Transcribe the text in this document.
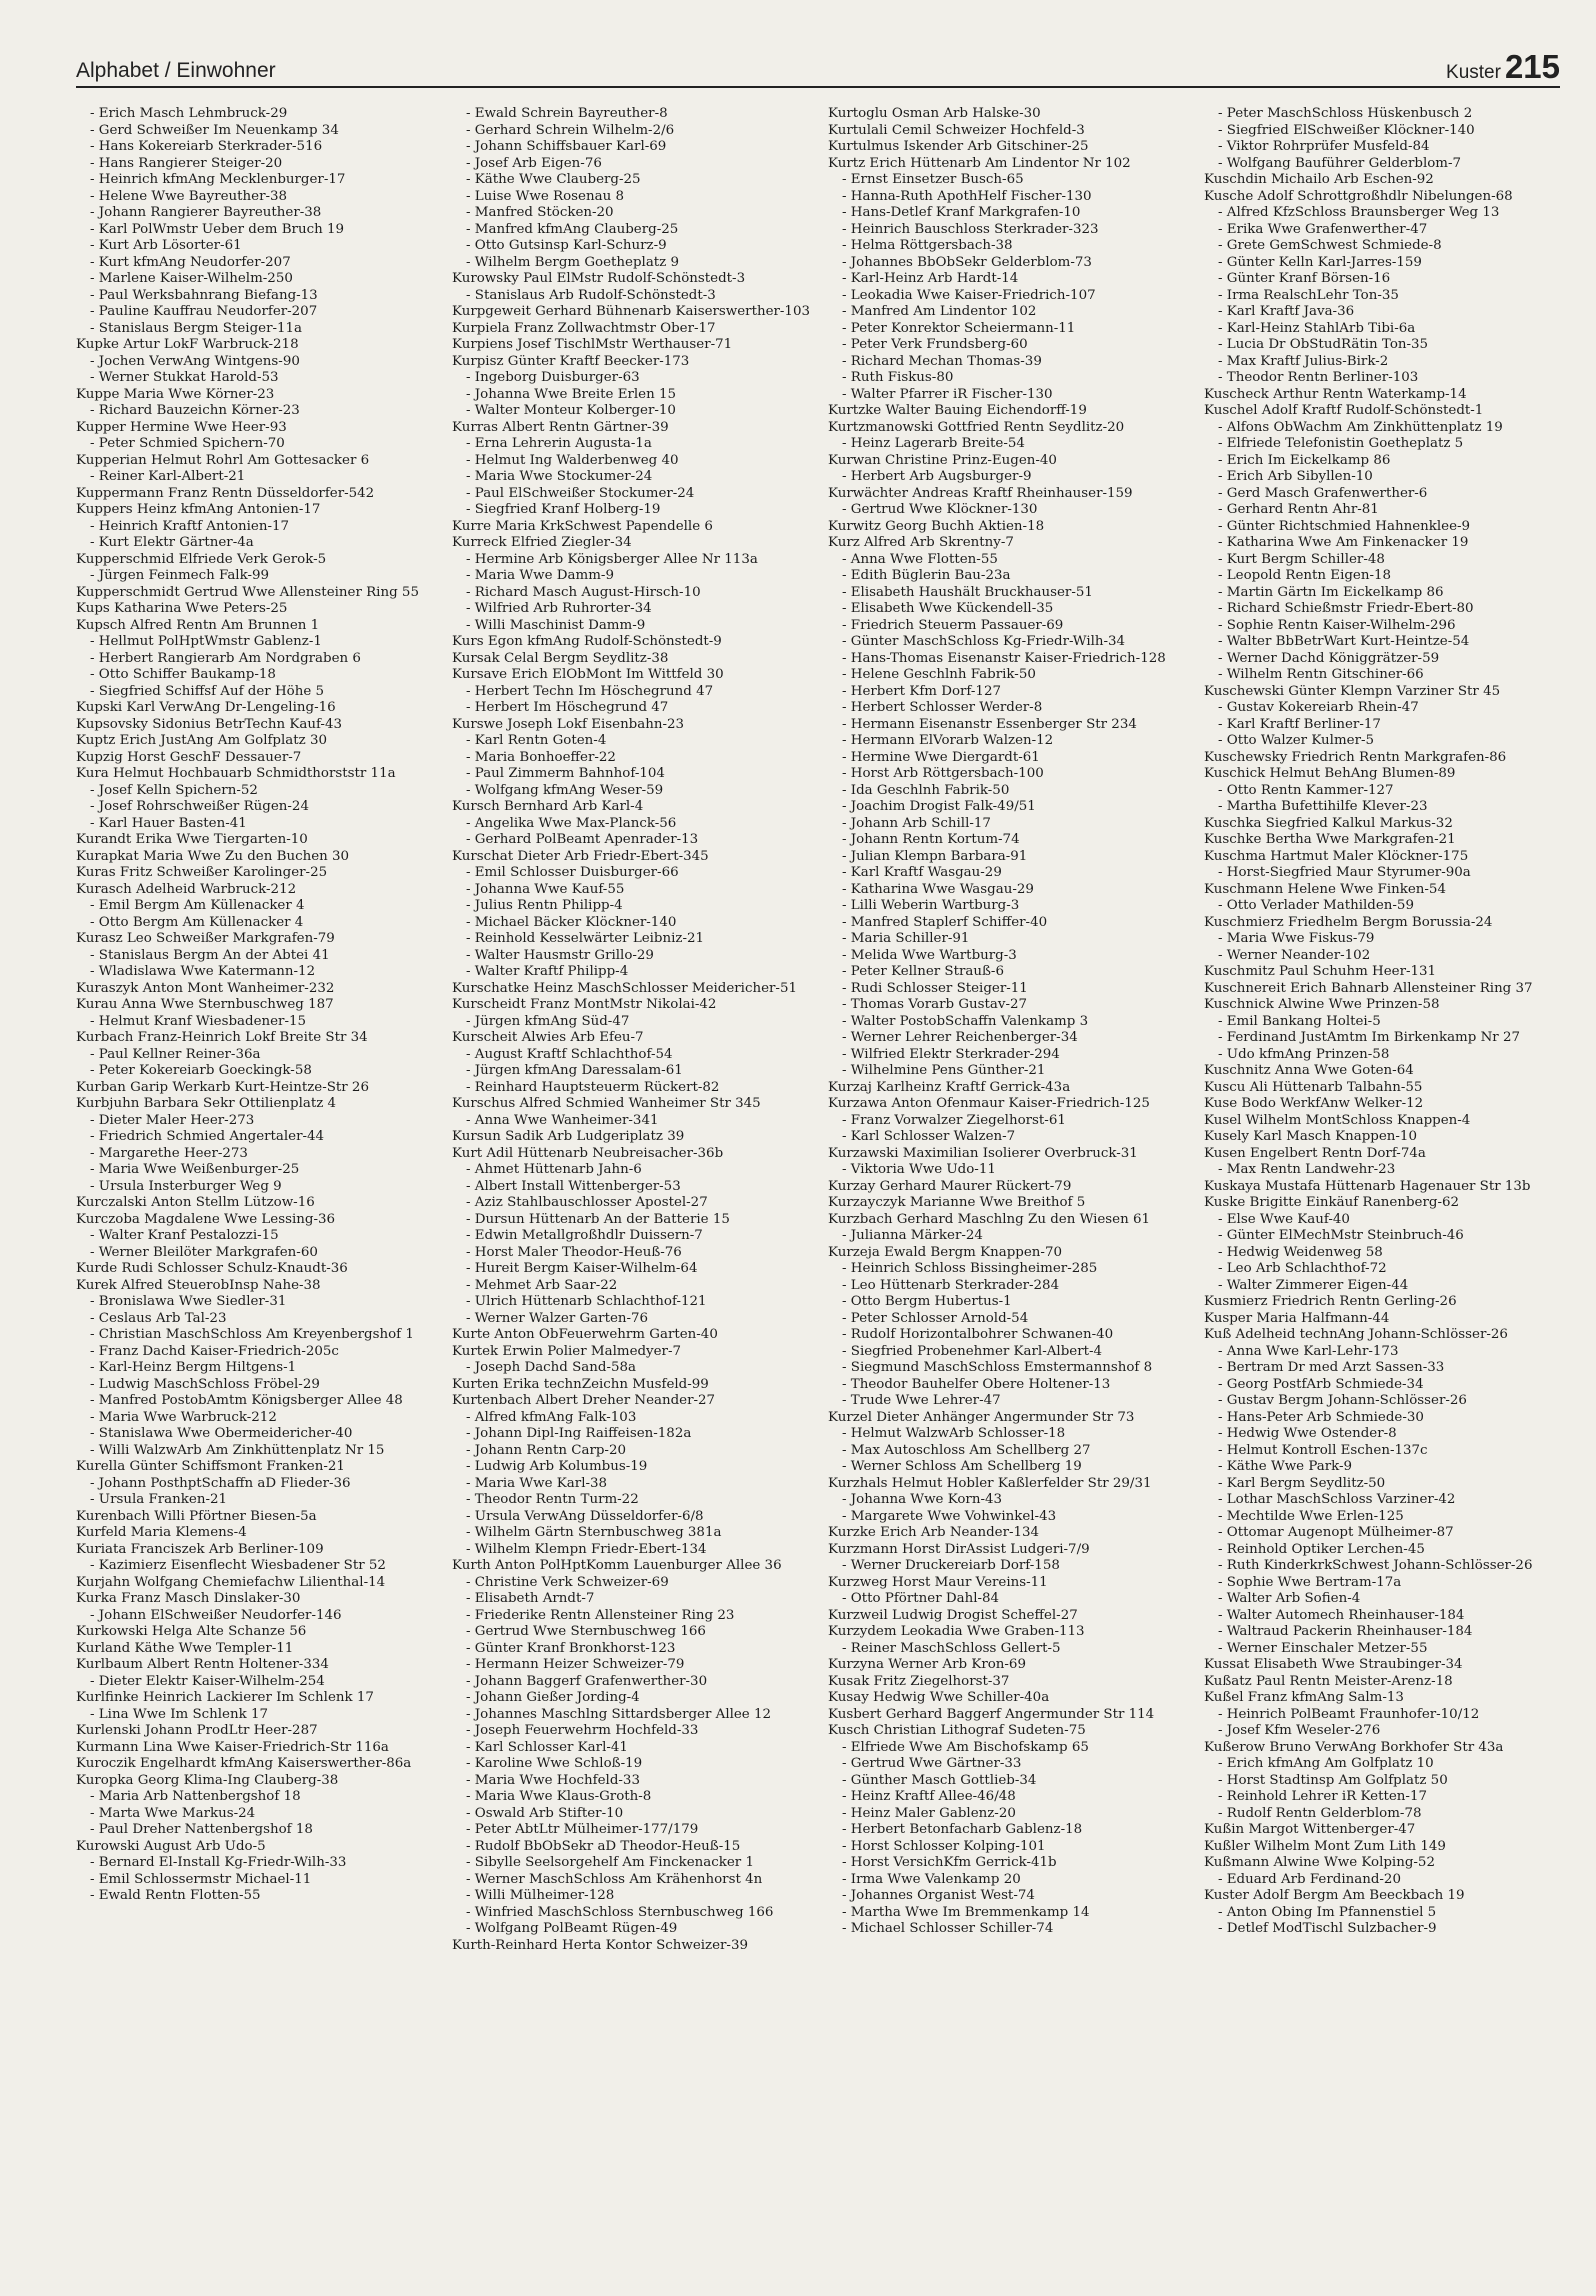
Alphabet / Einwohner	Kuster 215
- Erich Masch Lehmbruck-29
- Gerd Schweißer Im Neuenkamp 34
- Hans Kokereiarb Sterkrader-516
- Hans Rangierer Steiger-20
- Heinrich kfmAng Mecklenburger-17
- Helene Wwe Bayreuther-38
- Johann Rangierer Bayreuther-38
- Karl PolWmstr Ueber dem Bruch 19
- Kurt Arb Lösorter-61
- Kurt kfmAng Neudorfer-207
- Marlene Kaiser-Wilhelm-250
- Paul Werksbahnrang Biefang-13
- Pauline Kauffrau Neudorfer-207
- Stanislaus Bergm Steiger-11a
Kupke Artur LokF Warbruck-218
- Jochen VerwAng Wintgens-90
- Werner Stukkat Harold-53
Kuppe Maria Wwe Körner-23
- Richard Bauzeichn Körner-23
Kupper Hermine Wwe Heer-93
- Peter Schmied Spichern-70
Kupperian Helmut Rohrl Am Gottesacker 6
- Reiner Karl-Albert-21
Kuppermann Franz Rentn Düsseldorfer-542
Kuppers Heinz kfmAng Antonien-17
- Heinrich Kraftf Antonien-17
- Kurt Elektr Gärtner-4a
Kupperschmid Elfriede Verk Gerok-5
- Jürgen Feinmech Falk-99
Kupperschmidt Gertrud Wwe Allensteiner Ring 55
Kups Katharina Wwe Peters-25
Kupsch Alfred Rentn Am Brunnen 1
- Hellmut PolHptWmstr Gablenz-1
- Herbert Rangierarb Am Nordgraben 6
- Otto Schiffer Baukamp-18
- Siegfried Schiffsf Auf der Höhe 5
Kupski Karl VerwAng Dr-Lengeling-16
Kupsovsky Sidonius BetrTechn Kauf-43
Kuptz Erich JustAng Am Golfplatz 30
Kupzig Horst GeschF Dessauer-7
Kura Helmut Hochbauarb Schmidthorststr 11a
- Josef Kelln Spichern-52
- Josef Rohrschweißer Rügen-24
- Karl Hauer Basten-41
Kurandt Erika Wwe Tiergarten-10
Kurapkat Maria Wwe Zu den Buchen 30
Kuras Fritz Schweißer Karolinger-25
Kurasch Adelheid Warbruck-212
- Emil Bergm Am Küllenacker 4
- Otto Bergm Am Küllenacker 4
Kurasz Leo Schweißer Markgrafen-79
- Stanislaus Bergm An der Abtei 41
- Wladislawa Wwe Katermann-12
Kuraszyk Anton Mont Wanheimer-232
Kurau Anna Wwe Sternbuschweg 187
- Helmut Kranf Wiesbadener-15
Kurbach Franz-Heinrich Lokf Breite Str 34
- Paul Kellner Reiner-36a
- Peter Kokereiarb Goeckingk-58
Kurban Garip Werkarb Kurt-Heintze-Str 26
Kurbjuhn Barbara Sekr Ottilienplatz 4
- Dieter Maler Heer-273
- Friedrich Schmied Angertaler-44
- Margarethe Heer-273
- Maria Wwe Weißenburger-25
- Ursula Insterburger Weg 9
Kurczalski Anton Stellm Lützow-16
Kurczoba Magdalene Wwe Lessing-36
- Walter Kranf Pestalozzi-15
- Werner Bleilöter Markgrafen-60
Kurde Rudi Schlosser Schulz-Knaudt-36
Kurek Alfred SteuerobInsp Nahe-38
- Bronislawa Wwe Siedler-31
- Ceslaus Arb Tal-23
- Christian MaschSchloss Am Kreyenbergshof 1
- Franz Dachd Kaiser-Friedrich-205c
- Karl-Heinz Bergm Hiltgens-1
- Ludwig MaschSchloss Fröbel-29
- Manfred PostobAmtm Königsberger Allee 48
- Maria Wwe Warbruck-212
- Stanislawa Wwe Obermeidericher-40
- Willi WalzwArb Am Zinkhüttenplatz Nr 15
Kurella Günter Schiffsmont Franken-21
- Johann PosthptSchaffn aD Flieder-36
- Ursula Franken-21
Kurenbach Willi Pförtner Biesen-5a
Kurfeld Maria Klemens-4
Kuriata Franciszek Arb Berliner-109
- Kazimierz Eisenflecht Wiesbadener Str 52
Kurjahn Wolfgang Chemiefachw Lilienthal-14
Kurka Franz Masch Dinslaker-30
- Johann ElSchweißer Neudorfer-146
Kurkowski Helga Alte Schanze 56
Kurland Käthe Wwe Templer-11
Kurlbaum Albert Rentn Holtener-334
- Dieter Elektr Kaiser-Wilhelm-254
Kurlfinke Heinrich Lackierer Im Schlenk 17
- Lina Wwe Im Schlenk 17
Kurlenski Johann ProdLtr Heer-287
Kurmann Lina Wwe Kaiser-Friedrich-Str 116a
Kuroczik Engelhardt kfmAng Kaiserswerther-86a
Kuropka Georg Klima-Ing Clauberg-38
- Maria Arb Nattenbergshof 18
- Marta Wwe Markus-24
- Paul Dreher Nattenbergshof 18
Kurowski August Arb Udo-5
- Bernard El-Install Kg-Friedr-Wilh-33
- Emil Schlossermstr Michael-11
- Ewald Rentn Flotten-55
- Ewald Schrein Bayreuther-8
- Gerhard Schrein Wilhelm-2/6
- Johann Schiffsbauer Karl-69
- Josef Arb Eigen-76
- Käthe Wwe Clauberg-25
- Luise Wwe Rosenau 8
- Manfred Stöcken-20
- Manfred kfmAng Clauberg-25
- Otto Gutsinsp Karl-Schurz-9
- Wilhelm Bergm Goetheplatz 9
Kurowsky Paul ElMstr Rudolf-Schönstedt-3
- Stanislaus Arb Rudolf-Schönstedt-3
Kurpgeweit Gerhard Bühnenarb Kaiserswerther-103
Kurpiela Franz Zollwachtmstr Ober-17
Kurpiens Josef TischlMstr Werthauser-71
Kurpisz Günter Kraftf Beecker-173
- Ingeborg Duisburger-63
- Johanna Wwe Breite Erlen 15
- Walter Monteur Kolberger-10
Kurras Albert Rentn Gärtner-39
- Erna Lehrerin Augusta-1a
- Helmut Ing Walderbenweg 40
- Maria Wwe Stockumer-24
- Paul ElSchweißer Stockumer-24
- Siegfried Kranf Holberg-19
Kurre Maria KrkSchwest Papendelle 6
Kurreck Elfried Ziegler-34
- Hermine Arb Königsberger Allee Nr 113a
- Maria Wwe Damm-9
- Richard Masch August-Hirsch-10
- Wilfried Arb Ruhrorter-34
- Willi Maschinist Damm-9
Kurs Egon kfmAng Rudolf-Schönstedt-9
Kursak Celal Bergm Seydlitz-38
Kursave Erich ElObMont Im Wittfeld 30
- Herbert Techn Im Höschegrund 47
- Herbert Im Höschegrund 47
Kurswe Joseph Lokf Eisenbahn-23
- Karl Rentn Goten-4
- Maria Bonhoeffer-22
- Paul Zimmerm Bahnhof-104
- Wolfgang kfmAng Weser-59
Kursch Bernhard Arb Karl-4
- Angelika Wwe Max-Planck-56
- Gerhard PolBeamt Apenrader-13
Kurschat Dieter Arb Friedr-Ebert-345
- Emil Schlosser Duisburger-66
- Johanna Wwe Kauf-55
- Julius Rentn Philipp-4
- Michael Bäcker Klöckner-140
- Reinhold Kesselwärter Leibniz-21
- Walter Hausmstr Grillo-29
- Walter Kraftf Philipp-4
Kurschatke Heinz MaschSchlosser Meidericher-51
Kurscheidt Franz MontMstr Nikolai-42
- Jürgen kfmAng Süd-47
Kurscheit Alwies Arb Efeu-7
- August Kraftf Schlachthof-54
- Jürgen kfmAng Daressalam-61
- Reinhard Hauptsteuerm Rückert-82
Kurschus Alfred Schmied Wanheimer Str 345
- Anna Wwe Wanheimer-341
Kursun Sadik Arb Ludgeriplatz 39
Kurt Adil Hüttenarb Neubreisacher-36b
- Ahmet Hüttenarb Jahn-6
- Albert Install Wittenberger-53
- Aziz Stahlbauschlosser Apostel-27
- Dursun Hüttenarb An der Batterie 15
- Edwin Metallgroßhdlr Duissern-7
- Horst Maler Theodor-Heuß-76
- Hureit Bergm Kaiser-Wilhelm-64
- Mehmet Arb Saar-22
- Ulrich Hüttenarb Schlachthof-121
- Werner Walzer Garten-76
Kurte Anton ObFeuerwehrm Garten-40
Kurtek Erwin Polier Malmedyer-7
- Joseph Dachd Sand-58a
Kurten Erika technZeichn Musfeld-99
Kurtenbach Albert Dreher Neander-27
- Alfred kfmAng Falk-103
- Johann Dipl-Ing Raiffeisen-182a
- Johann Rentn Carp-20
- Ludwig Arb Kolumbus-19
- Maria Wwe Karl-38
- Theodor Rentn Turm-22
- Ursula VerwAng Düsseldorfer-6/8
- Wilhelm Gärtn Sternbuschweg 381a
- Wilhelm Klempn Friedr-Ebert-134
Kurth Anton PolHptKomm Lauenburger Allee 36
- Christine Verk Schweizer-69
- Elisabeth Arndt-7
- Friederike Rentn Allensteiner Ring 23
- Gertrud Wwe Sternbuschweg 166
- Günter Kranf Bronkhorst-123
- Hermann Heizer Schweizer-79
- Johann Baggerf Grafenwerther-30
- Johann Gießer Jording-4
- Johannes Maschlng Sittardsberger Allee 12
- Joseph Feuerwehrm Hochfeld-33
- Karl Schlosser Karl-41
- Karoline Wwe Schloß-19
- Maria Wwe Hochfeld-33
- Maria Wwe Klaus-Groth-8
- Oswald Arb Stifter-10
- Peter AbtLtr Mülheimer-177/179
- Rudolf BbObSekr aD Theodor-Heuß-15
- Sibylle Seelsorgehelf Am Finckenacker 1
- Werner MaschSchloss Am Krähenhorst 4n
- Willi Mülheimer-128
- Winfried MaschSchloss Sternbuschweg 166
- Wolfgang PolBeamt Rügen-49
Kurth-Reinhard Herta Kontor Schweizer-39
Kurtoglu Osman Arb Halske-30
Kurtulali Cemil Schweizer Hochfeld-3
Kurtulmus Iskender Arb Gitschiner-25
Kurtz Erich Hüttenarb Am Lindentor Nr 102
- Ernst Einsetzer Busch-65
- Hanna-Ruth ApothHelf Fischer-130
- Hans-Detlef Kranf Markgrafen-10
- Heinrich Bauschloss Sterkrader-323
- Helma Röttgersbach-38
- Johannes BbObSekr Gelderblom-73
- Karl-Heinz Arb Hardt-14
- Leokadia Wwe Kaiser-Friedrich-107
- Manfred Am Lindentor 102
- Peter Konrektor Scheiermann-11
- Peter Verk Frundsberg-60
- Richard Mechan Thomas-39
- Ruth Fiskus-80
- Walter Pfarrer iR Fischer-130
Kurtzke Walter Bauing Eichendorff-19
Kurtzmanowski Gottfried Rentn Seydlitz-20
- Heinz Lagerarb Breite-54
Kurwan Christine Prinz-Eugen-40
- Herbert Arb Augsburger-9
Kurwächter Andreas Kraftf Rheinhauser-159
- Gertrud Wwe Klöckner-130
Kurwitz Georg Buchh Aktien-18
Kurz Alfred Arb Skrentny-7
- Anna Wwe Flotten-55
- Edith Büglerin Bau-23a
- Elisabeth Haushält Bruckhauser-51
- Elisabeth Wwe Kückendell-35
- Friedrich Steuerm Passauer-69
- Günter MaschSchloss Kg-Friedr-Wilh-34
- Hans-Thomas Eisenanstr Kaiser-Friedrich-128
- Helene Geschlnh Fabrik-50
- Herbert Kfm Dorf-127
- Herbert Schlosser Werder-8
- Hermann Eisenanstr Essenberger Str 234
- Hermann ElVorarb Walzen-12
- Hermine Wwe Diergardt-61
- Horst Arb Röttgersbach-100
- Ida Geschlnh Fabrik-50
- Joachim Drogist Falk-49/51
- Johann Arb Schill-17
- Johann Rentn Kortum-74
- Julian Klempn Barbara-91
- Karl Kraftf Wasgau-29
- Katharina Wwe Wasgau-29
- Lilli Weberin Wartburg-3
- Manfred Staplerf Schiffer-40
- Maria Schiller-91
- Melida Wwe Wartburg-3
- Peter Kellner Strauß-6
- Rudi Schlosser Steiger-11
- Thomas Vorarb Gustav-27
- Walter PostobSchaffn Valenkamp 3
- Werner Lehrer Reichenberger-34
- Wilfried Elektr Sterkrader-294
- Wilhelmine Pens Günther-21
Kurzaj Karlheinz Kraftf Gerrick-43a
Kurzawa Anton Ofenmaur Kaiser-Friedrich-125
- Franz Vorwalzer Ziegelhorst-61
- Karl Schlosser Walzen-7
Kurzawski Maximilian Isolierer Overbruck-31
- Viktoria Wwe Udo-11
Kurzay Gerhard Maurer Rückert-79
Kurzayczyk Marianne Wwe Breithof 5
Kurzbach Gerhard Maschlng Zu den Wiesen 61
- Julianna Märker-24
Kurzeja Ewald Bergm Knappen-70
- Heinrich Schloss Bissingheimer-285
- Leo Hüttenarb Sterkrader-284
- Otto Bergm Hubertus-1
- Peter Schlosser Arnold-54
- Rudolf Horizontalbohrer Schwanen-40
- Siegfried Probenehmer Karl-Albert-4
- Siegmund MaschSchloss Emstermannshof 8
- Theodor Bauhelfer Obere Holtener-13
- Trude Wwe Lehrer-47
Kurzel Dieter Anhänger Angermunder Str 73
- Helmut WalzwArb Schlosser-18
- Max Autoschloss Am Schellberg 27
- Werner Schloss Am Schellberg 19
Kurzhals Helmut Hobler Kaßlerfelder Str 29/31
- Johanna Wwe Korn-43
- Margarete Wwe Vohwinkel-43
Kurzke Erich Arb Neander-134
Kurzmann Horst DirAssist Ludgeri-7/9
- Werner Druckereiarb Dorf-158
Kurzweg Horst Maur Vereins-11
- Otto Pförtner Dahl-84
Kurzweil Ludwig Drogist Scheffel-27
Kurzydem Leokadia Wwe Graben-113
- Reiner MaschSchloss Gellert-5
Kurzyna Werner Arb Kron-69
Kusak Fritz Ziegelhorst-37
Kusay Hedwig Wwe Schiller-40a
Kusbert Gerhard Baggerf Angermunder Str 114
Kusch Christian Lithograf Sudeten-75
- Elfriede Wwe Am Bischofskamp 65
- Gertrud Wwe Gärtner-33
- Günther Masch Gottlieb-34
- Heinz Kraftf Allee-46/48
- Heinz Maler Gablenz-20
- Herbert Betonfacharb Gablenz-18
- Horst Schlosser Kolping-101
- Horst VersichKfm Gerrick-41b
- Irma Wwe Valenkamp 20
- Johannes Organist West-74
- Martha Wwe Im Bremmenkamp 14
- Michael Schlosser Schiller-74
- Peter MaschSchloss Hüskenbusch 2
- Siegfried ElSchweißer Klöckner-140
- Viktor Rohrprüfer Musfeld-84
- Wolfgang Bauführer Gelderblom-7
Kuschdin Michailo Arb Eschen-92
Kusche Adolf Schrottgroßhdlr Nibelungen-68
- Alfred KfzSchloss Braunsberger Weg 13
- Erika Wwe Grafenwerther-47
- Grete GemSchwest Schmiede-8
- Günter Kelln Karl-Jarres-159
- Günter Kranf Börsen-16
- Irma RealschLehr Ton-35
- Karl Kraftf Java-36
- Karl-Heinz StahlArb Tibi-6a
- Lucia Dr ObStudRätin Ton-35
- Max Kraftf Julius-Birk-2
- Theodor Rentn Berliner-103
Kuscheck Arthur Rentn Waterkamp-14
Kuschel Adolf Kraftf Rudolf-Schönstedt-1
- Alfons ObWachm Am Zinkhüttenplatz 19
- Elfriede Telefonistin Goetheplatz 5
- Erich Im Eickelkamp 86
- Erich Arb Sibyllen-10
- Gerd Masch Grafenwerther-6
- Gerhard Rentn Ahr-81
- Günter Richtschmied Hahnenklee-9
- Katharina Wwe Am Finkenacker 19
- Kurt Bergm Schiller-48
- Leopold Rentn Eigen-18
- Martin Gärtn Im Eickelkamp 86
- Richard Schießmstr Friedr-Ebert-80
- Sophie Rentn Kaiser-Wilhelm-296
- Walter BbBetrWart Kurt-Heintze-54
- Werner Dachd Königgrätzer-59
- Wilhelm Rentn Gitschiner-66
Kuschewski Günter Klempn Varziner Str 45
- Gustav Kokereiarb Rhein-47
- Karl Kraftf Berliner-17
- Otto Walzer Kulmer-5
Kuschewsky Friedrich Rentn Markgrafen-86
Kuschick Helmut BehAng Blumen-89
- Otto Rentn Kammer-127
- Martha Bufettihilfe Klever-23
Kuschka Siegfried Kalkul Markus-32
Kuschke Bertha Wwe Markgrafen-21
Kuschma Hartmut Maler Klöckner-175
- Horst-Siegfried Maur Styrumer-90a
Kuschmann Helene Wwe Finken-54
- Otto Verlader Mathilden-59
Kuschmierz Friedhelm Bergm Borussia-24
- Maria Wwe Fiskus-79
- Werner Neander-102
Kuschmitz Paul Schuhm Heer-131
Kuschnereit Erich Bahnarb Allensteiner Ring 37
Kuschnick Alwine Wwe Prinzen-58
- Emil Bankang Holtei-5
- Ferdinand JustAmtm Im Birkenkamp Nr 27
- Udo kfmAng Prinzen-58
Kuschnitz Anna Wwe Goten-64
Kuscu Ali Hüttenarb Talbahn-55
Kuse Bodo WerkfAnw Welker-12
Kusel Wilhelm MontSchloss Knappen-4
Kusely Karl Masch Knappen-10
Kusen Engelbert Rentn Dorf-74a
- Max Rentn Landwehr-23
Kuskaya Mustafa Hüttenarb Hagenauer Str 13b
Kuske Brigitte Einkäuf Ranenberg-62
- Else Wwe Kauf-40
- Günter ElMechMstr Steinbruch-46
- Hedwig Weidenweg 58
- Leo Arb Schlachthof-72
- Walter Zimmerer Eigen-44
Kusmierz Friedrich Rentn Gerling-26
Kusper Maria Halfmann-44
Kuß Adelheid technAng Johann-Schlösser-26
- Anna Wwe Karl-Lehr-173
- Bertram Dr med Arzt Sassen-33
- Georg PostfArb Schmiede-34
- Gustav Bergm Johann-Schlösser-26
- Hans-Peter Arb Schmiede-30
- Hedwig Wwe Ostender-8
- Helmut Kontroll Eschen-137c
- Käthe Wwe Park-9
- Karl Bergm Seydlitz-50
- Lothar MaschSchloss Varziner-42
- Mechtilde Wwe Erlen-125
- Ottomar Augenopt Mülheimer-87
- Reinhold Optiker Lerchen-45
- Ruth KinderkrkSchwest Johann-Schlösser-26
- Sophie Wwe Bertram-17a
- Walter Arb Sofien-4
- Walter Automech Rheinhauser-184
- Waltraud Packerin Rheinhauser-184
- Werner Einschaler Metzer-55
Kussat Elisabeth Wwe Straubinger-34
Kußatz Paul Rentn Meister-Arenz-18
Kußel Franz kfmAng Salm-13
- Heinrich PolBeamt Fraunhofer-10/12
- Josef Kfm Weseler-276
Kußerow Bruno VerwAng Borkhofer Str 43a
- Erich kfmAng Am Golfplatz 10
- Horst Stadtinsp Am Golfplatz 50
- Reinhold Lehrer iR Ketten-17
- Rudolf Rentn Gelderblom-78
Kußin Margot Wittenberger-47
Kußler Wilhelm Mont Zum Lith 149
Kußmann Alwine Wwe Kolping-52
- Eduard Arb Ferdinand-20
Kuster Adolf Bergm Am Beeckbach 19
- Anton Obing Im Pfannenstiel 5
- Detlef ModTischl Sulzbacher-9
